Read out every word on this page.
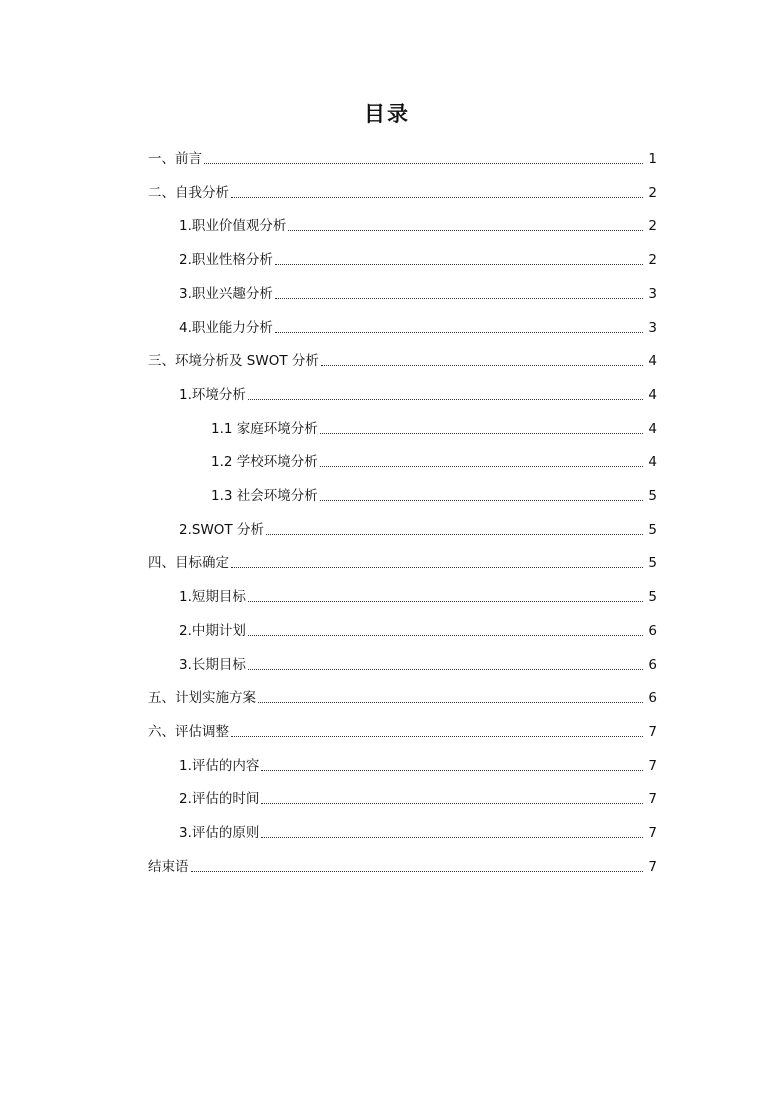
目录
一、前言	1
二、自我分析	2
1.职业价值观分析	2
2.职业性格分析	2
3.职业兴趣分析	3
4.职业能力分析	3
三、环境分析及 SWOT 分析	4
1.环境分析	4
1.1 家庭环境分析	4
1.2 学校环境分析	4
1.3 社会环境分析	5
2.SWOT 分析	5
四、目标确定	5
1.短期目标	5
2.中期计划	6
3.长期目标	6
五、计划实施方案	6
六、评估调整	7
1.评估的内容	7
2.评估的时间	7
3.评估的原则	7
结束语	7
